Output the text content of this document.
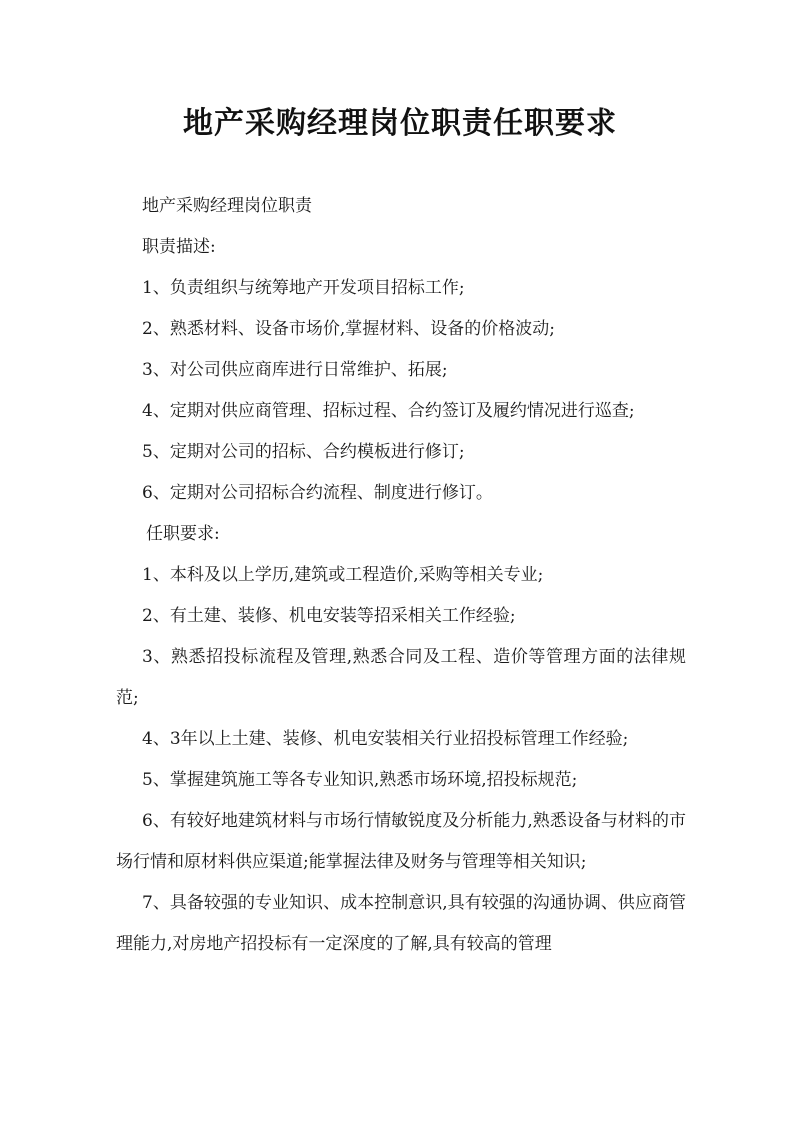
地产采购经理岗位职责任职要求
地产采购经理岗位职责
职责描述:
1、负责组织与统筹地产开发项目招标工作;
2、熟悉材料、设备市场价,掌握材料、设备的价格波动;
3、对公司供应商库进行日常维护、拓展;
4、定期对供应商管理、招标过程、合约签订及履约情况进行巡查;
5、定期对公司的招标、合约模板进行修订;
6、定期对公司招标合约流程、制度进行修订。
任职要求:
1、本科及以上学历,建筑或工程造价,采购等相关专业;
2、有土建、装修、机电安装等招采相关工作经验;
3、熟悉招投标流程及管理,熟悉合同及工程、造价等管理方面的法律规范;
4、3年以上土建、装修、机电安装相关行业招投标管理工作经验;
5、掌握建筑施工等各专业知识,熟悉市场环境,招投标规范;
6、有较好地建筑材料与市场行情敏锐度及分析能力,熟悉设备与材料的市场行情和原材料供应渠道;能掌握法律及财务与管理等相关知识;
7、具备较强的专业知识、成本控制意识,具有较强的沟通协调、供应商管理能力,对房地产招投标有一定深度的了解,具有较高的管理
